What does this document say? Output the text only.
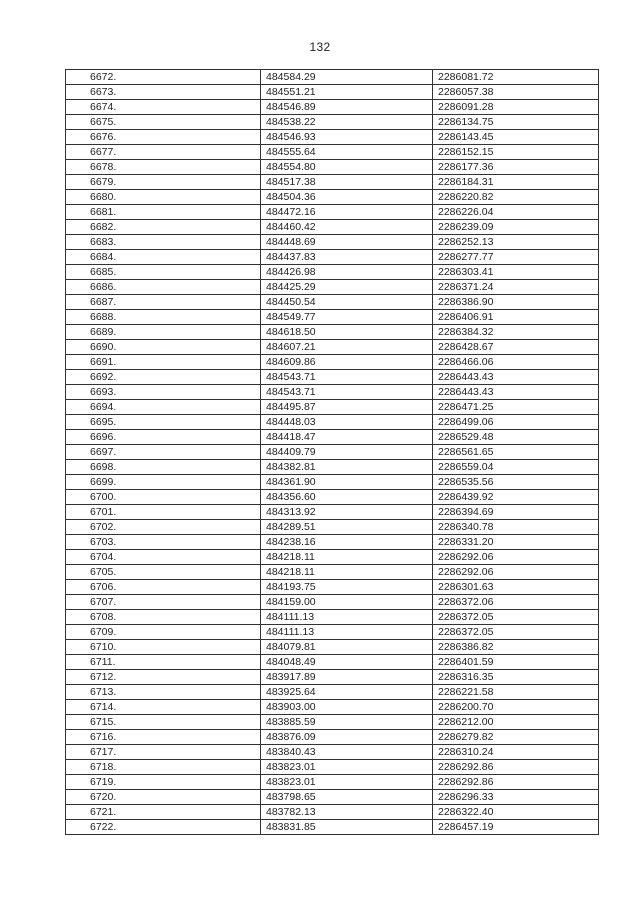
132
6672.	484584.29	2286081.72
6673.	484551.21	2286057.38
6674.	484546.89	2286091.28
6675.	484538.22	2286134.75
6676.	484546.93	2286143.45
6677.	484555.64	2286152.15
6678.	484554.80	2286177.36
6679.	484517.38	2286184.31
6680.	484504.36	2286220.82
6681.	484472.16	2286226.04
6682.	484460.42	2286239.09
6683.	484448.69	2286252.13
6684.	484437.83	2286277.77
6685.	484426.98	2286303.41
6686.	484425.29	2286371.24
6687.	484450.54	2286386.90
6688.	484549.77	2286406.91
6689.	484618.50	2286384.32
6690.	484607.21	2286428.67
6691.	484609.86	2286466.06
6692.	484543.71	2286443.43
6693.	484543.71	2286443.43
6694.	484495.87	2286471.25
6695.	484448.03	2286499.06
6696.	484418.47	2286529.48
6697.	484409.79	2286561.65
6698.	484382.81	2286559.04
6699.	484361.90	2286535.56
6700.	484356.60	2286439.92
6701.	484313.92	2286394.69
6702.	484289.51	2286340.78
6703.	484238.16	2286331.20
6704.	484218.11	2286292.06
6705.	484218.11	2286292.06
6706.	484193.75	2286301.63
6707.	484159.00	2286372.06
6708.	484111.13	2286372.05
6709.	484111.13	2286372.05
6710.	484079.81	2286386.82
6711.	484048.49	2286401.59
6712.	483917.89	2286316.35
6713.	483925.64	2286221.58
6714.	483903.00	2286200.70
6715.	483885.59	2286212.00
6716.	483876.09	2286279.82
6717.	483840.43	2286310.24
6718.	483823.01	2286292.86
6719.	483823.01	2286292.86
6720.	483798.65	2286296.33
6721.	483782.13	2286322.40
6722.	483831.85	2286457.19
